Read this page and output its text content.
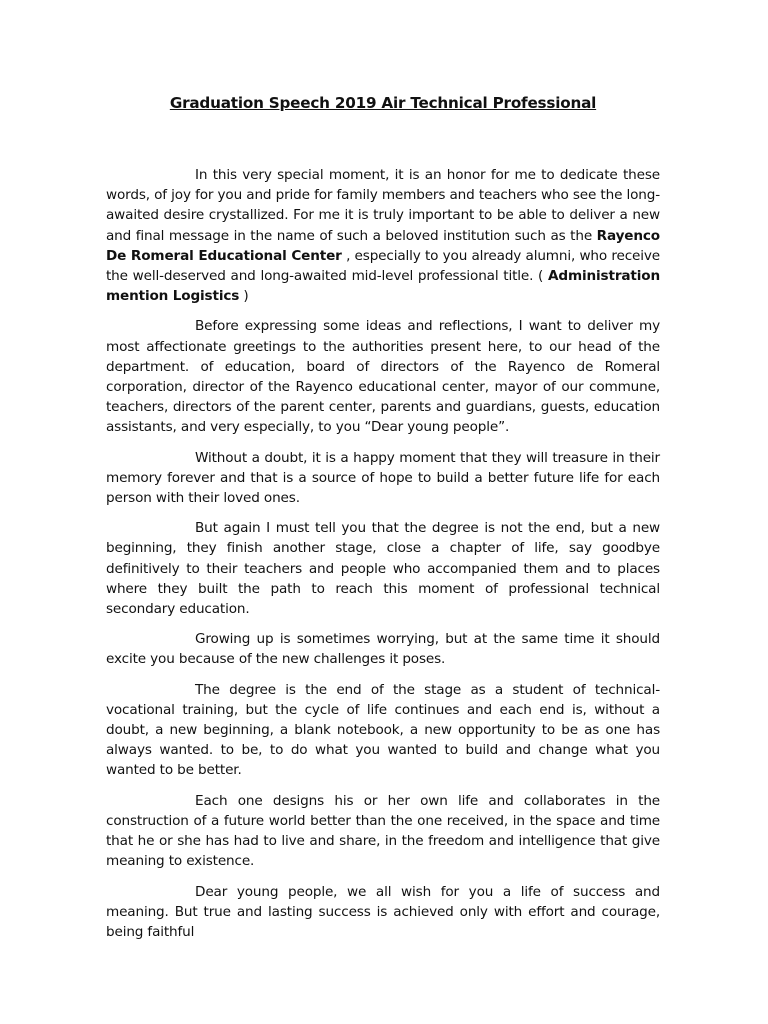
Graduation Speech 2019 Air Technical Professional

In this very special moment, it is an honor for me to dedicate these words, of joy for you and pride for family members and teachers who see the long-awaited desire crystallized. For me it is truly important to be able to deliver a new and final message in the name of such a beloved institution such as the Rayenco De Romeral Educational Center , especially to you already alumni, who receive the well-deserved and long-awaited mid-level professional title. ( Administration mention Logistics )

Before expressing some ideas and reflections, I want to deliver my most affectionate greetings to the authorities present here, to our head of the department. of education, board of directors of the Rayenco de Romeral corporation, director of the Rayenco educational center, mayor of our commune, teachers, directors of the parent center, parents and guardians, guests, education assistants, and very especially, to you “Dear young people”.

Without a doubt, it is a happy moment that they will treasure in their memory forever and that is a source of hope to build a better future life for each person with their loved ones.

But again I must tell you that the degree is not the end, but a new beginning, they finish another stage, close a chapter of life, say goodbye definitively to their teachers and people who accompanied them and to places where they built the path to reach this moment of professional technical secondary education.

Growing up is sometimes worrying, but at the same time it should excite you because of the new challenges it poses.

The degree is the end of the stage as a student of technical-vocational training, but the cycle of life continues and each end is, without a doubt, a new beginning, a blank notebook, a new opportunity to be as one has always wanted. to be, to do what you wanted to build and change what you wanted to be better.

Each one designs his or her own life and collaborates in the construction of a future world better than the one received, in the space and time that he or she has had to live and share, in the freedom and intelligence that give meaning to existence.

Dear young people, we all wish for you a life of success and meaning. But true and lasting success is achieved only with effort and courage, being faithful
